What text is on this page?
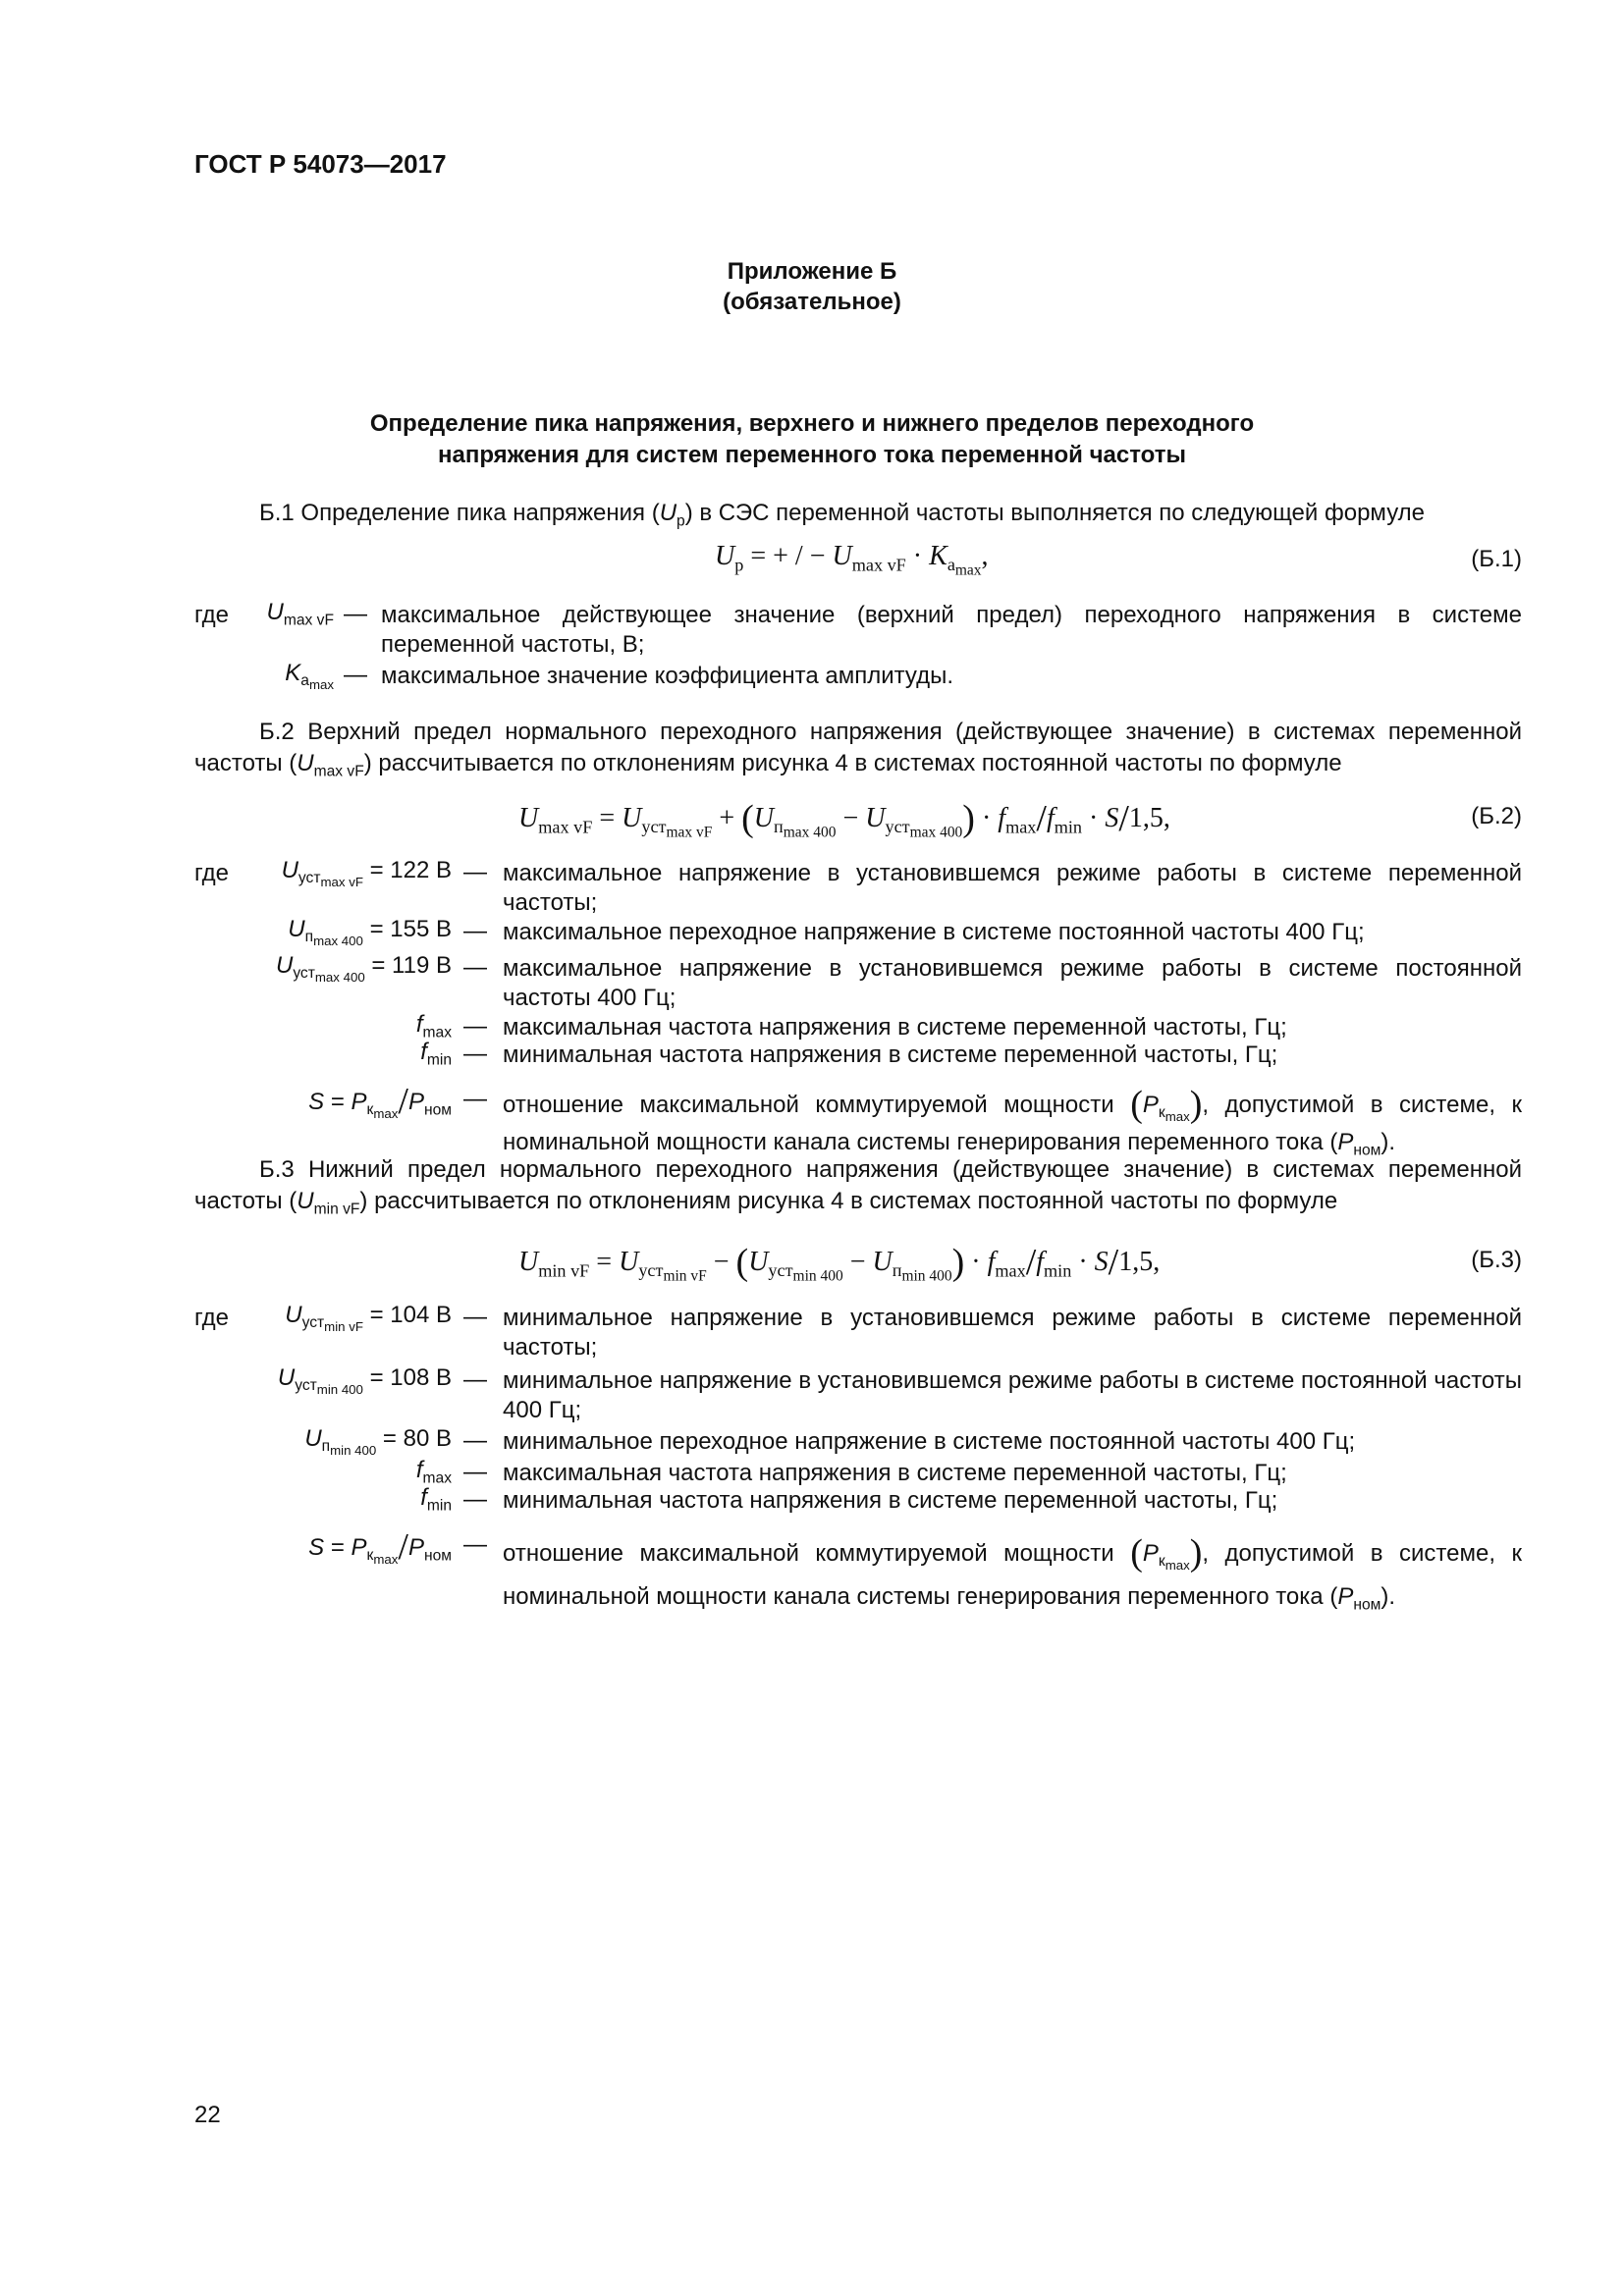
ГОСТ Р 54073—2017
Приложение Б
(обязательное)
Определение пика напряжения, верхнего и нижнего пределов переходного
напряжения для систем переменного тока переменной частоты
Б.1 Определение пика напряжения $(U_p)$ в СЭС переменной частоты выполняется по следующей формуле
$U_p$ = + / − $U_{max vF} \cdot K_{a_{max}}$,	(Б.1)
где	$U_{max vF}$ — максимальное действующее значение (верхний предел) переходного напряжения в системе переменной частоты, В;
$K_{a_{max}}$ — максимальное значение коэффициента амплитуды.
Б.2 Верхний предел нормального переходного напряжения (действующее значение) в системах переменной частоты $(U_{max vF})$ рассчитывается по отклонениям рисунка 4 в системах постоянной частоты по формуле
$U_{max vF} = U_{уст_{max vF}} + (U_{п_{max 400}} - U_{уст_{max 400}}) \cdot f_{max}/f_{min} \cdot S/1,5$,	(Б.2)
где	$U_{уст_{max vF}} = 122$ В — максимальное напряжение в установившемся режиме работы в системе переменной частоты;
$U_{п_{max 400}} = 155$ В — максимальное переходное напряжение в системе постоянной частоты 400 Гц;
$U_{уст_{max 400}} = 119$ В — максимальное напряжение в установившемся режиме работы в системе постоянной частоты 400 Гц;
$f_{max}$ — максимальная частота напряжения в системе переменной частоты, Гц;
$f_{min}$ — минимальная частота напряжения в системе переменной частоты, Гц;
$S = P_{к_{max}}/P_{ном}$ — отношение максимальной коммутируемой мощности $(P_{к_{max}})$, допустимой в системе, к номинальной мощности канала системы генерирования переменного тока $(P_{ном})$.
Б.3 Нижний предел нормального переходного напряжения (действующее значение) в системах переменной частоты $(U_{min vF})$ рассчитывается по отклонениям рисунка 4 в системах постоянной частоты по формуле
$U_{min vF} = U_{уст_{min vF}} - (U_{уст_{min 400}} - U_{п_{min 400}}) \cdot f_{max}/f_{min} \cdot S/1,5$,	(Б.3)
где	$U_{уст_{min vF}} = 104$ В — минимальное напряжение в установившемся режиме работы в системе переменной частоты;
$U_{уст_{min 400}} = 108$ В — минимальное напряжение в установившемся режиме работы в системе постоянной частоты 400 Гц;
$U_{п_{min 400}} = 80$ В — минимальное переходное напряжение в системе постоянной частоты 400 Гц;
$f_{max}$ — максимальная частота напряжения в системе переменной частоты, Гц;
$f_{min}$ — минимальная частота напряжения в системе переменной частоты, Гц;
$S = P_{к_{max}}/P_{ном}$ — отношение максимальной коммутируемой мощности $(P_{к_{max}})$, допустимой в системе, к номинальной мощности канала системы генерирования переменного тока $(P_{ном})$.
22
